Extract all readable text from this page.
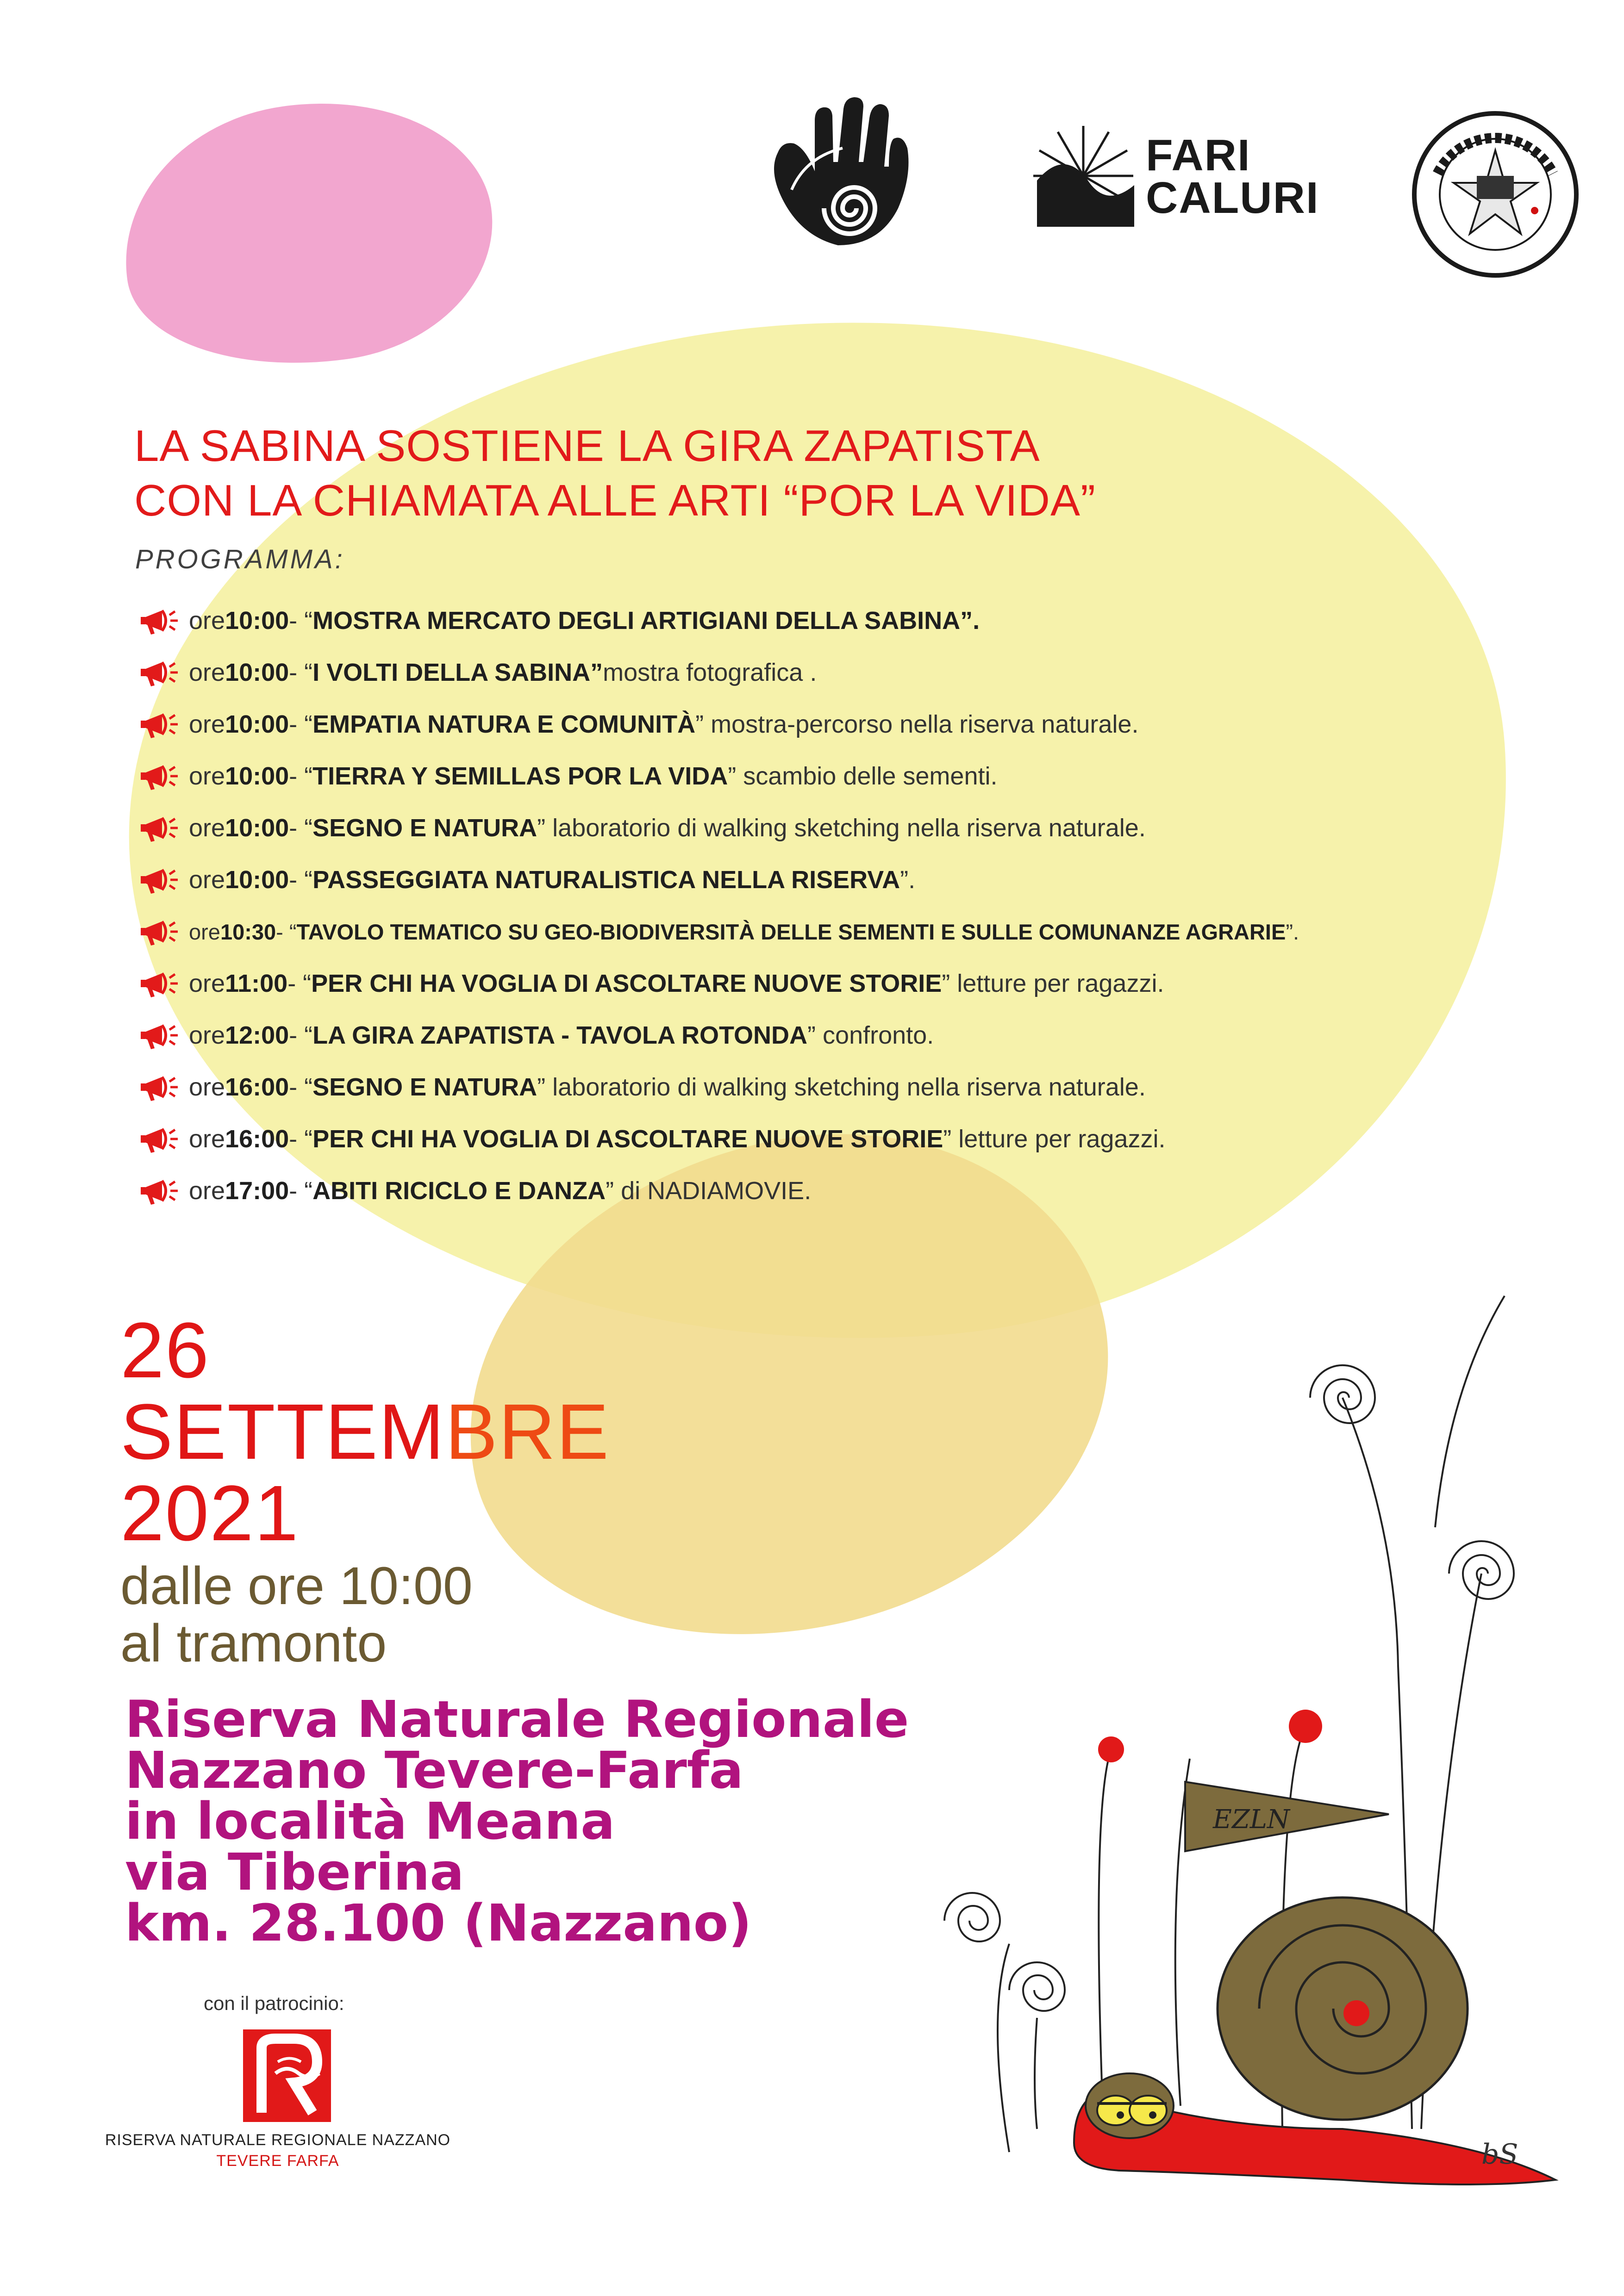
FARI
CALURI
LA SABINA SOSTIENE LA GIRA ZAPATISTA
CON LA CHIAMATA ALLE ARTI “POR LA VIDA”
PROGRAMMA:
ore 10:00 - “ MOSTRA MERCATO DEGLI ARTIGIANI DELLA SABINA”.
ore 10:00 - “ I VOLTI DELLA SABINA” mostra fotografica .
ore 10:00 - “ EMPATIA NATURA E COMUNITÀ ” mostra-percorso nella riserva naturale.
ore 10:00 - “ TIERRA Y SEMILLAS POR LA VIDA ” scambio delle sementi.
ore 10:00 - “ SEGNO E NATURA ” laboratorio di walking sketching nella riserva naturale.
ore 10:00 - “ PASSEGGIATA NATURALISTICA NELLA RISERVA ”.
ore 10:30 - “ TAVOLO TEMATICO SU GEO-BIODIVERSITÀ DELLE SEMENTI E SULLE COMUNANZE AGRARIE ”.
ore 11:00 - “ PER CHI HA VOGLIA DI ASCOLTARE NUOVE STORIE ” letture per ragazzi.
ore 12:00 - “ LA GIRA ZAPATISTA - TAVOLA ROTONDA ” confronto.
ore 16:00 - “ SEGNO E NATURA ” laboratorio di walking sketching nella riserva naturale.
ore 16:00 - “ PER CHI HA VOGLIA DI ASCOLTARE NUOVE STORIE ” letture per ragazzi.
ore 17:00 - “ ABITI RICICLO E DANZA ” di NADIAMOVIE.
26
SETTEMBRE
2021
dalle ore 10:00
al tramonto
Riserva Naturale Regionale
Nazzano Tevere-Farfa
in località Meana
via Tiberina
km. 28.100 (Nazzano)
con il patrocinio:
RISERVA NATURALE REGIONALE NAZZANO
TEVERE FARFA
EZLN
bS
